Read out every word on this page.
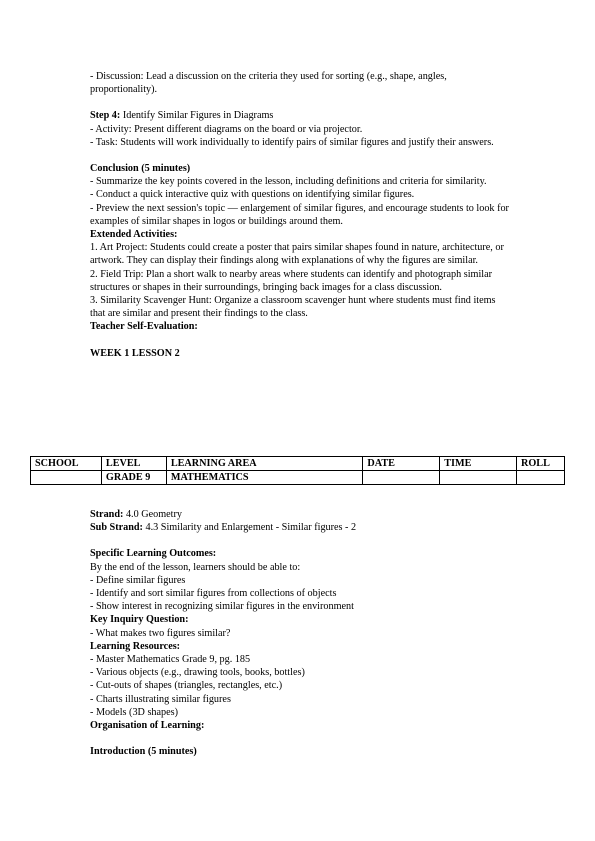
- Discussion: Lead a discussion on the criteria they used for sorting (e.g., shape, angles, proportionality).

Step 4: Identify Similar Figures in Diagrams

- Activity: Present different diagrams on the board or via projector.

- Task: Students will work individually to identify pairs of similar figures and justify their answers.

Conclusion (5 minutes)

- Summarize the key points covered in the lesson, including definitions and criteria for similarity.

- Conduct a quick interactive quiz with questions on identifying similar figures.

- Preview the next session's topic — enlargement of similar figures, and encourage students to look for examples of similar shapes in logos or buildings around them.

Extended Activities:

1. Art Project: Students could create a poster that pairs similar shapes found in nature, architecture, or artwork. They can display their findings along with explanations of why the figures are similar.

2. Field Trip: Plan a short walk to nearby areas where students can identify and photograph similar structures or shapes in their surroundings, bringing back images for a class discussion.

3. Similarity Scavenger Hunt: Organize a classroom scavenger hunt where students must find items that are similar and present their findings to the class.

Teacher Self-Evaluation:

WEEK 1 LESSON 2

SCHOOL	LEVEL	LEARNING AREA	DATE	TIME	ROLL
	GRADE 9	MATHEMATICS			

Strand: 4.0 Geometry

Sub Strand: 4.3 Similarity and Enlargement - Similar figures - 2

Specific Learning Outcomes:

By the end of the lesson, learners should be able to:

- Define similar figures

- Identify and sort similar figures from collections of objects

- Show interest in recognizing similar figures in the environment

Key Inquiry Question:

- What makes two figures similar?

Learning Resources:

- Master Mathematics Grade 9, pg. 185

- Various objects (e.g., drawing tools, books, bottles)

- Cut-outs of shapes (triangles, rectangles, etc.)

- Charts illustrating similar figures

- Models (3D shapes)

Organisation of Learning:

Introduction (5 minutes)
